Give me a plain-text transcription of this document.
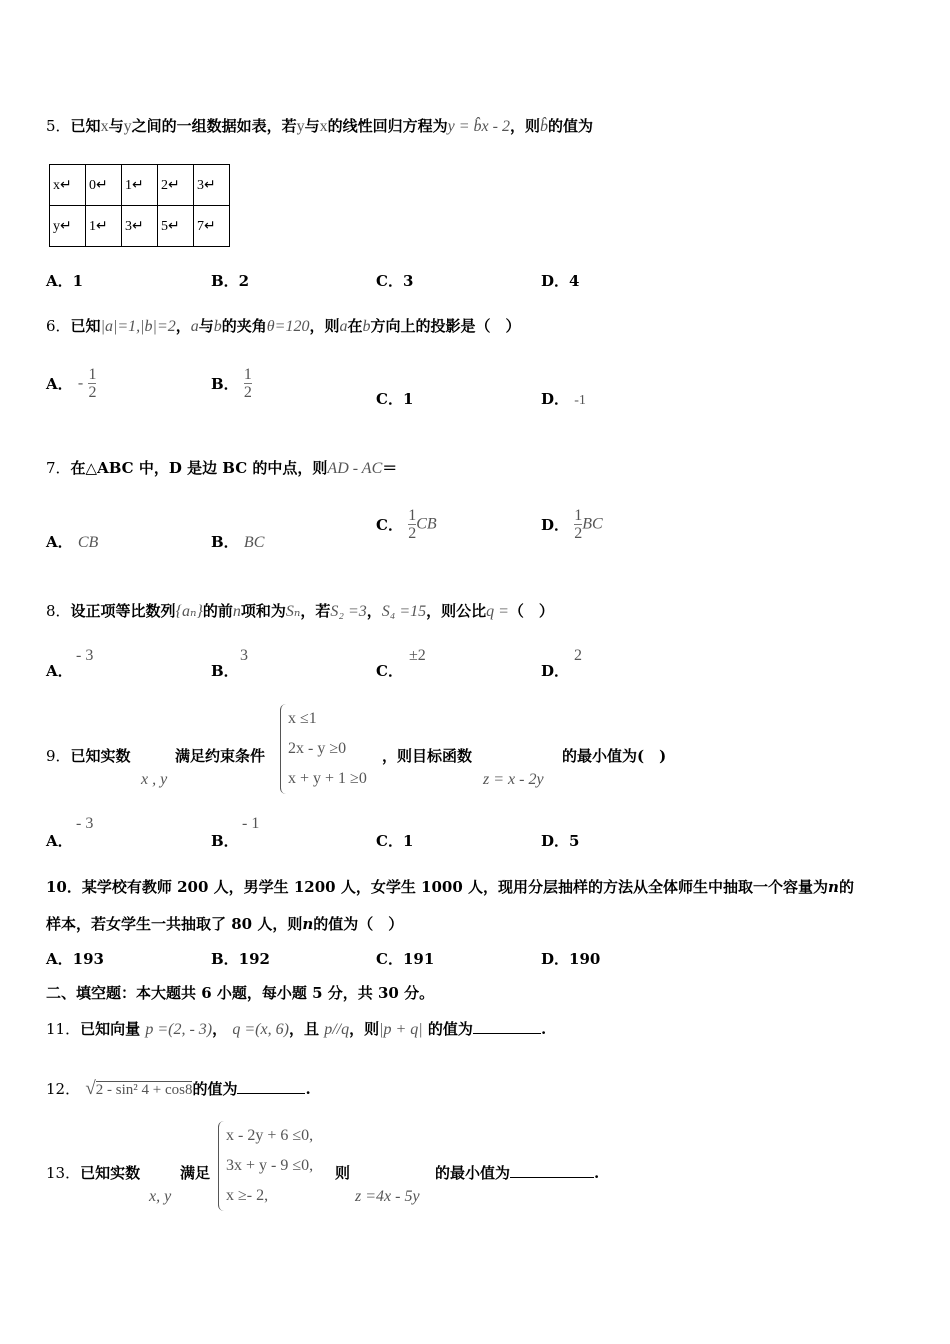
5．已知x与y之间的一组数据如表，若y与x的线性回归方程为y = b̂x - 2，则b̂的值为
x↵	0↵	1↵	2↵	3↵
y↵	1↵	3↵	5↵	7↵
A．1	B．2	C．3	D．4
6．已知|a|=1,|b|=2，a与b的夹角θ=120，则a在b方向上的投影是（　）
A． - $\frac{1}{2}$	B． $\frac{1}{2}$	C．1	D． -1
7．在△ABC 中，D 是边 BC 的中点，则AD - AC＝
A． CB	B． BC
C． $\frac{1}{2}$ CB	D． $\frac{1}{2}$ BC
8．设正项等比数列{aₙ}的前n项和为Sₙ，若S₂ =3，S₄ =15，则公比q =（　）
A．
- 3
B．
3
C．
±2
D．
2
9．已知实数	满足约束条件
x , y
x ≤1
2x - y ≥0
x + y + 1 ≥0
，则目标函数
z = x - 2y
的最小值为(　)
A．
- 3
B．
- 1
C．1	D．5
10．某学校有教师 200 人，男学生 1200 人，女学生 1000 人，现用分层抽样的方法从全体师生中抽取一个容量为n的
样本，若女学生一共抽取了 80 人，则n的值为（　）
A．193	B．192	C．191	D．190
二、填空题：本大题共 6 小题，每小题 5 分，共 30 分。
11．已知向量 p =(2, - 3)， q =(x, 6)，且 p//q，则|p + q| 的值为	.
12． √2 - sin² 4 + cos8的值为	.
13．已知实数
x, y
满足
x - 2y + 6 ≤0,
3x + y - 9 ≤0,
x ≥- 2,
则
z =4x - 5y
的最小值为	.
